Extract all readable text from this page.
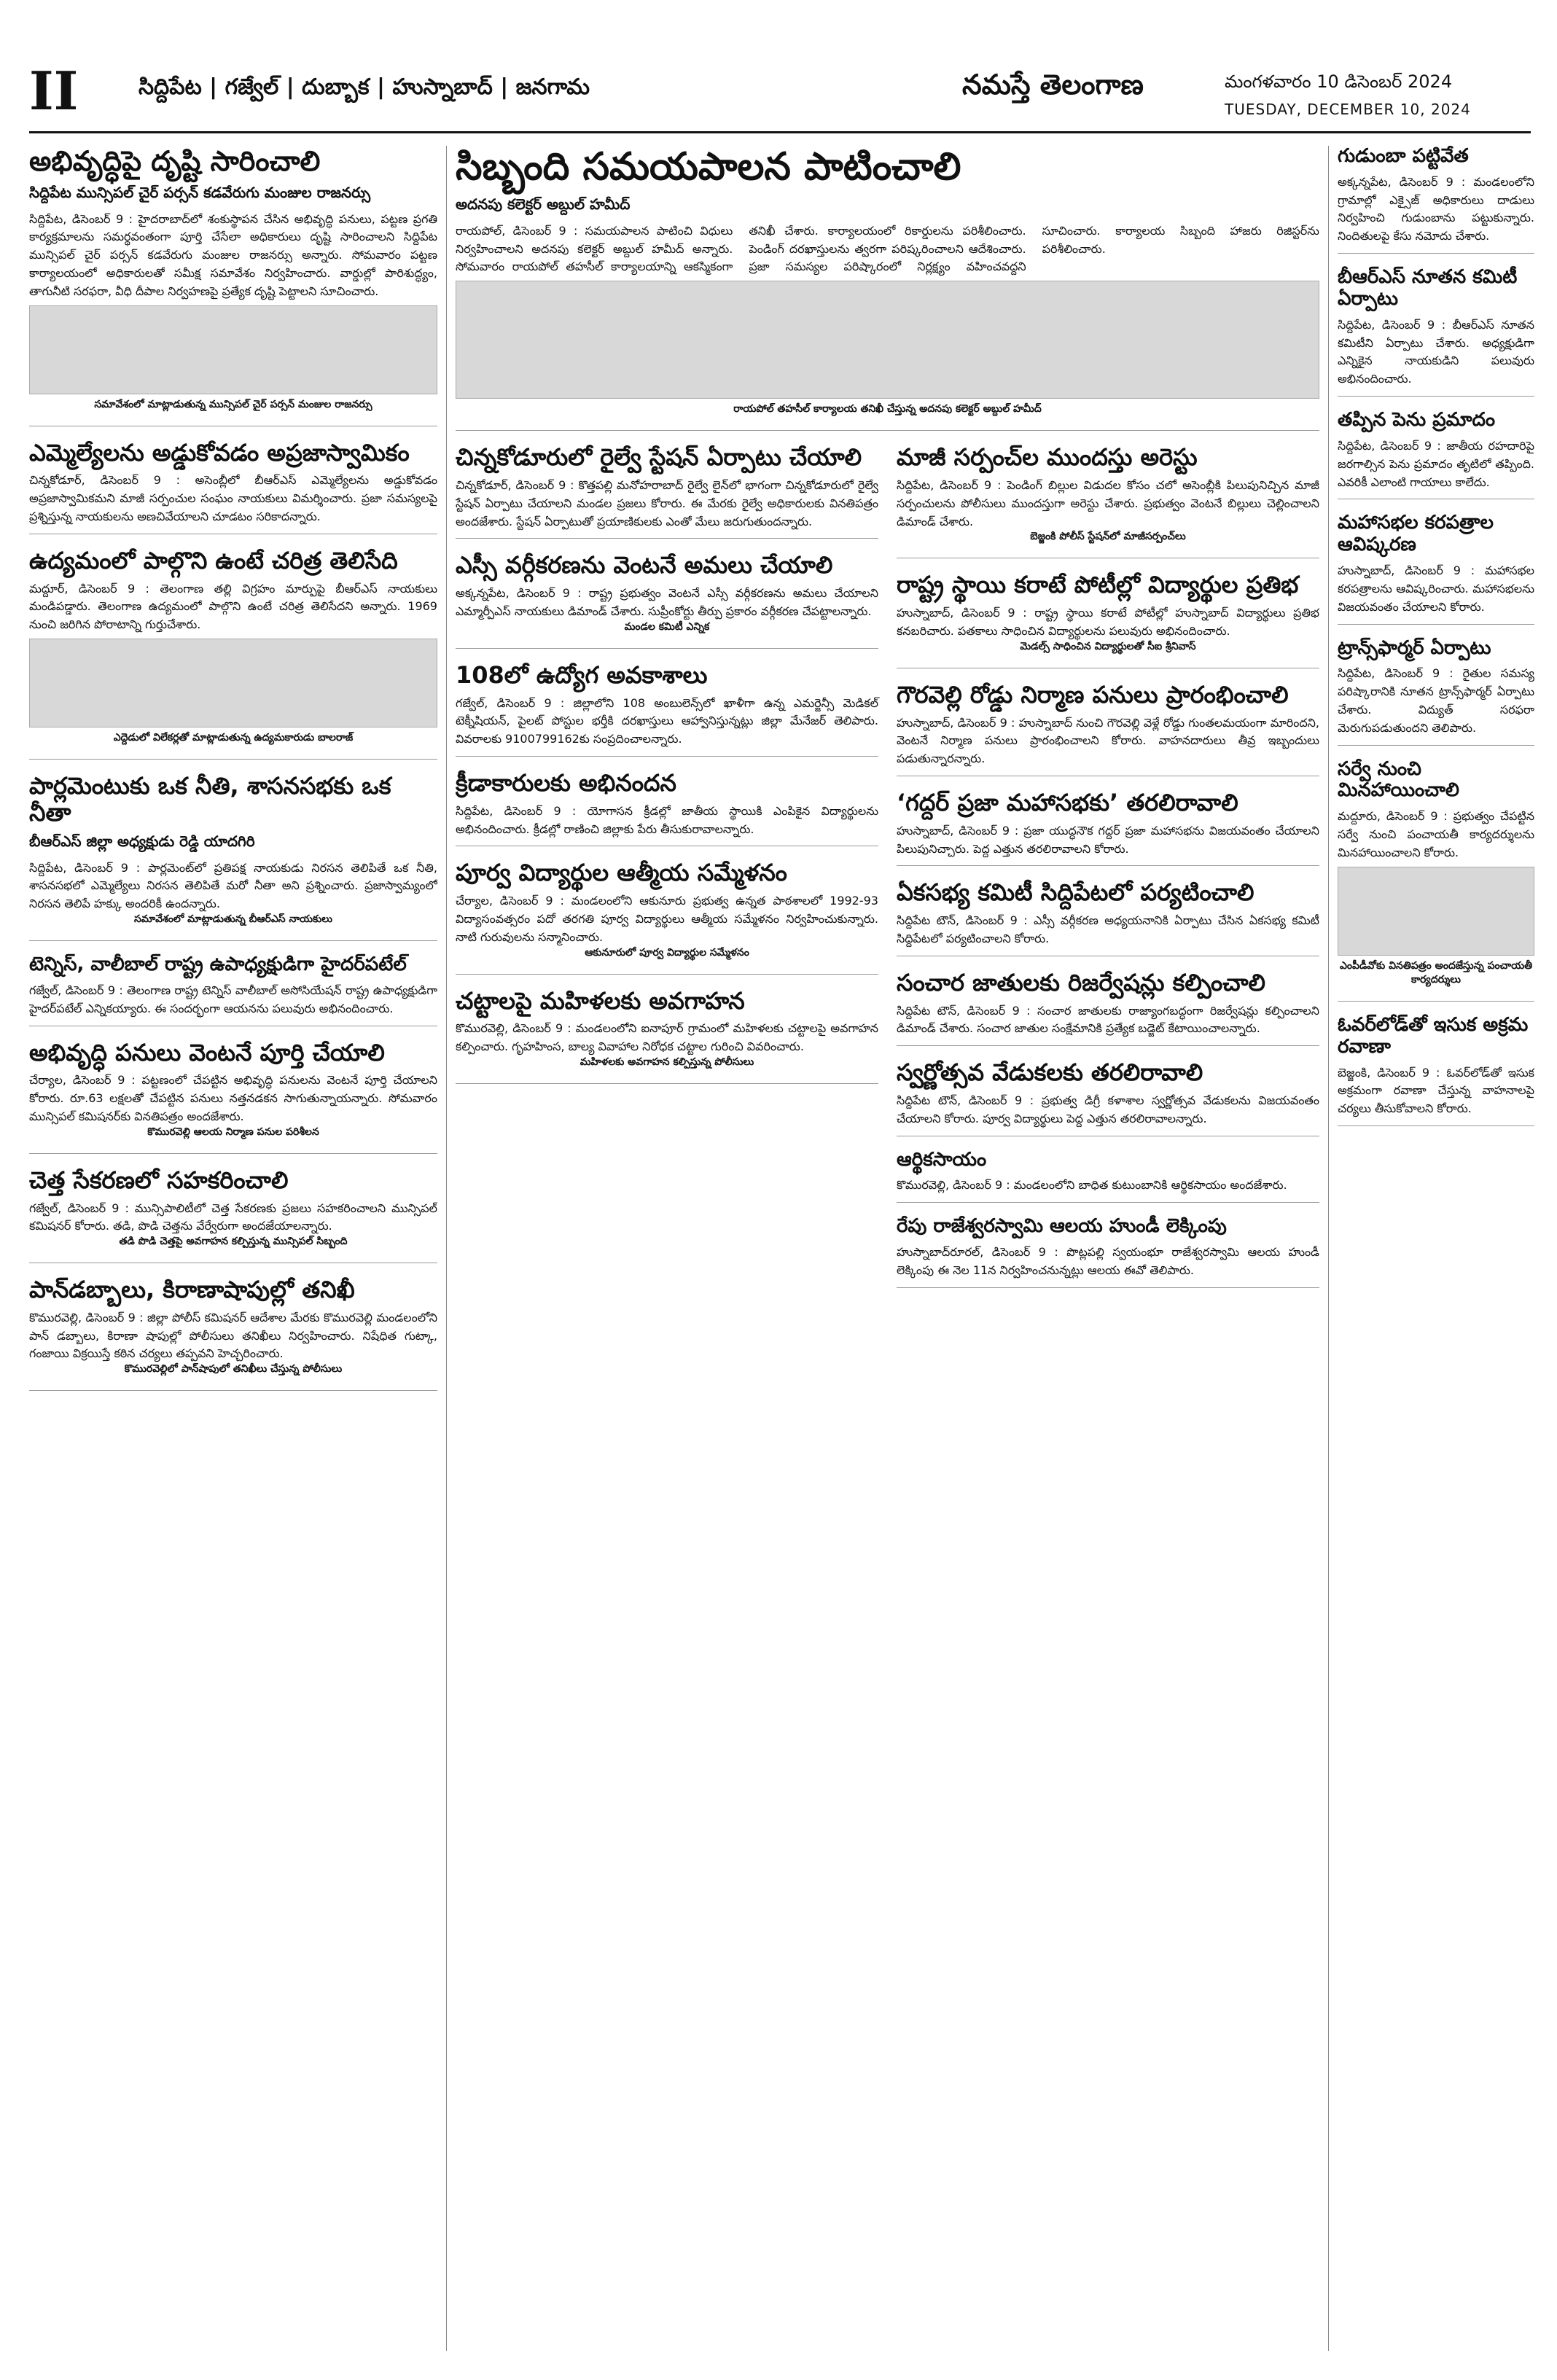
II	సిద్దిపేట | గజ్వేల్ | దుబ్బాక | హుస్నాబాద్ | జనగామ	నమస్తే తెలంగాణ	మంగళవారం 10 డిసెంబర్ 2024
TUESDAY, DECEMBER 10, 2024
అభివృద్ధిపై దృష్టి సారించాలి
సిద్దిపేట మున్సిపల్ చైర్ పర్సన్ కడవేరుగు మంజుల రాజనర్సు
సిద్దిపేట, డిసెంబర్ 9 : హైదరాబాద్‌లో శంకుస్థాపన చేసిన అభివృద్ధి పనులు, పట్టణ ప్రగతి కార్యక్రమాలను సమర్థవంతంగా పూర్తి చేసేలా అధికారులు దృష్టి సారించాలని సిద్దిపేట మున్సిపల్ చైర్ పర్సన్ కడవేరుగు మంజుల రాజనర్సు అన్నారు. సోమవారం పట్టణ కార్యాలయంలో అధికారులతో సమీక్ష సమావేశం నిర్వహించారు. వార్డుల్లో పారిశుద్ధ్యం, తాగునీటి సరఫరా, వీధి దీపాల నిర్వహణపై ప్రత్యేక దృష్టి పెట్టాలని సూచించారు.
సమావేశంలో మాట్లాడుతున్న మున్సిపల్ చైర్ పర్సన్ మంజుల రాజనర్సు
ఎమ్మెల్యేలను అడ్డుకోవడం అప్రజాస్వామికం
చిన్నకోడూర్, డిసెంబర్ 9 : అసెంబ్లీలో బీఆర్ఎస్ ఎమ్మెల్యేలను అడ్డుకోవడం అప్రజాస్వామికమని మాజీ సర్పంచుల సంఘం నాయకులు విమర్శించారు. ప్రజా సమస్యలపై ప్రశ్నిస్తున్న నాయకులను అణచివేయాలని చూడటం సరికాదన్నారు.
ఉద్యమంలో పాల్గొని ఉంటే చరిత్ర తెలిసేది
మద్దూర్, డిసెంబర్ 9 : తెలంగాణ తల్లి విగ్రహం మార్పుపై బీఆర్ఎస్ నాయకులు మండిపడ్డారు. తెలంగాణ ఉద్యమంలో పాల్గొని ఉంటే చరిత్ర తెలిసేదని అన్నారు. 1969 నుంచి జరిగిన పోరాటాన్ని గుర్తుచేశారు.
ఎద్దెడులో విలేకర్లతో మాట్లాడుతున్న ఉద్యమకారుడు బాలరాజ్
పార్లమెంటుకు ఒక నీతి, శాసనసభకు ఒక నీతా
బీఆర్ఎస్ జిల్లా అధ్యక్షుడు రెడ్డి యాదగిరి
సిద్దిపేట, డిసెంబర్ 9 : పార్లమెంట్‌లో ప్రతిపక్ష నాయకుడు నిరసన తెలిపితే ఒక నీతి, శాసనసభలో ఎమ్మెల్యేలు నిరసన తెలిపితే మరో నీతా అని ప్రశ్నించారు. ప్రజాస్వామ్యంలో నిరసన తెలిపే హక్కు అందరికీ ఉందన్నారు.
సమావేశంలో మాట్లాడుతున్న బీఆర్ఎస్ నాయకులు
టెన్నిస్, వాలీబాల్ రాష్ట్ర ఉపాధ్యక్షుడిగా హైదర్‌పటేల్
గజ్వేల్, డిసెంబర్ 9 : తెలంగాణ రాష్ట్ర టెన్నిస్ వాలీబాల్ అసోసియేషన్ రాష్ట్ర ఉపాధ్యక్షుడిగా హైదర్‌పటేల్ ఎన్నికయ్యారు. ఈ సందర్భంగా ఆయనను పలువురు అభినందించారు.
అభివృద్ధి పనులు వెంటనే పూర్తి చేయాలి
చేర్యాల, డిసెంబర్ 9 : పట్టణంలో చేపట్టిన అభివృద్ధి పనులను వెంటనే పూర్తి చేయాలని కోరారు. రూ.63 లక్షలతో చేపట్టిన పనులు నత్తనడకన సాగుతున్నాయన్నారు. సోమవారం మున్సిపల్ కమిషనర్‌కు వినతిపత్రం అందజేశారు.
కొమురవెల్లి ఆలయ నిర్మాణ పనుల పరిశీలన
చెత్త సేకరణలో సహకరించాలి
గజ్వేల్, డిసెంబర్ 9 : మున్సిపాలిటీలో చెత్త సేకరణకు ప్రజలు సహకరించాలని మున్సిపల్ కమిషనర్ కోరారు. తడి, పొడి చెత్తను వేర్వేరుగా అందజేయాలన్నారు.
తడి పొడి చెత్తపై అవగాహన కల్పిస్తున్న మున్సిపల్ సిబ్బంది
పాన్‌డబ్బాలు, కిరాణాషాపుల్లో తనిఖీ
కొమురవెల్లి, డిసెంబర్ 9 : జిల్లా పోలీస్ కమిషనర్ ఆదేశాల మేరకు కొమురవెల్లి మండలంలోని పాన్ డబ్బాలు, కిరాణా షాపుల్లో పోలీసులు తనిఖీలు నిర్వహించారు. నిషేధిత గుట్కా, గంజాయి విక్రయిస్తే కఠిన చర్యలు తప్పవని హెచ్చరించారు.
కొమురవెల్లిలో పాన్‌షాపులో తనిఖీలు చేస్తున్న పోలీసులు
సిబ్బంది సమయపాలన పాటించాలి
అదనపు కలెక్టర్ అబ్దుల్ హమీద్
రాయపోల్, డిసెంబర్ 9 : సమయపాలన పాటించి విధులు నిర్వహించాలని అదనపు కలెక్టర్ అబ్దుల్ హమీద్ అన్నారు. సోమవారం రాయపోల్ తహసీల్ కార్యాలయాన్ని ఆకస్మికంగా తనిఖీ చేశారు. కార్యాలయంలో రికార్డులను పరిశీలించారు. పెండింగ్ దరఖాస్తులను త్వరగా పరిష్కరించాలని ఆదేశించారు. ప్రజా సమస్యల పరిష్కారంలో నిర్లక్ష్యం వహించవద్దని సూచించారు. కార్యాలయ సిబ్బంది హాజరు రిజిస్టర్‌ను పరిశీలించారు.
రాయపోల్ తహసీల్ కార్యాలయ తనిఖీ చేస్తున్న అదనపు కలెక్టర్ అబ్దుల్ హమీద్
చిన్నకోడూరులో రైల్వే స్టేషన్ ఏర్పాటు చేయాలి
చిన్నకోడూర్, డిసెంబర్ 9 : కొత్తపల్లి మనోహరాబాద్ రైల్వే లైన్‌లో భాగంగా చిన్నకోడూరులో రైల్వే స్టేషన్ ఏర్పాటు చేయాలని మండల ప్రజలు కోరారు. ఈ మేరకు రైల్వే అధికారులకు వినతిపత్రం అందజేశారు. స్టేషన్ ఏర్పాటుతో ప్రయాణికులకు ఎంతో మేలు జరుగుతుందన్నారు.
ఎస్సీ వర్గీకరణను వెంటనే అమలు చేయాలి
అక్కన్నపేట, డిసెంబర్ 9 : రాష్ట్ర ప్రభుత్వం వెంటనే ఎస్సీ వర్గీకరణను అమలు చేయాలని ఎమ్మార్పీఎస్ నాయకులు డిమాండ్ చేశారు. సుప్రీంకోర్టు తీర్పు ప్రకారం వర్గీకరణ చేపట్టాలన్నారు.
మండల కమిటీ ఎన్నిక
108లో ఉద్యోగ అవకాశాలు
గజ్వేల్, డిసెంబర్ 9 : జిల్లాలోని 108 అంబులెన్స్‌లో ఖాళీగా ఉన్న ఎమర్జెన్సీ మెడికల్ టెక్నీషియన్, పైలట్ పోస్టుల భర్తీకి దరఖాస్తులు ఆహ్వానిస్తున్నట్లు జిల్లా మేనేజర్ తెలిపారు. వివరాలకు 9100799162కు సంప్రదించాలన్నారు.
క్రీడాకారులకు అభినందన
సిద్దిపేట, డిసెంబర్ 9 : యోగాసన క్రీడల్లో జాతీయ స్థాయికి ఎంపికైన విద్యార్థులను అభినందించారు. క్రీడల్లో రాణించి జిల్లాకు పేరు తీసుకురావాలన్నారు.
పూర్వ విద్యార్థుల ఆత్మీయ సమ్మేళనం
చేర్యాల, డిసెంబర్ 9 : మండలంలోని ఆకునూరు ప్రభుత్వ ఉన్నత పాఠశాలలో 1992-93 విద్యాసంవత్సరం పదో తరగతి పూర్వ విద్యార్థులు ఆత్మీయ సమ్మేళనం నిర్వహించుకున్నారు. నాటి గురువులను సన్మానించారు.
ఆకునూరులో పూర్వ విద్యార్థుల సమ్మేళనం
చట్టాలపై మహిళలకు అవగాహన
కొమురవెల్లి, డిసెంబర్ 9 : మండలంలోని ఐనాపూర్ గ్రామంలో మహిళలకు చట్టాలపై అవగాహన కల్పించారు. గృహహింస, బాల్య వివాహాల నిరోధక చట్టాల గురించి వివరించారు.
మహిళలకు అవగాహన కల్పిస్తున్న పోలీసులు
మాజీ సర్పంచ్‌ల ముందస్తు అరెస్టు
సిద్దిపేట, డిసెంబర్ 9 : పెండింగ్ బిల్లుల విడుదల కోసం చలో అసెంబ్లీకి పిలుపునిచ్చిన మాజీ సర్పంచులను పోలీసులు ముందస్తుగా అరెస్టు చేశారు. ప్రభుత్వం వెంటనే బిల్లులు చెల్లించాలని డిమాండ్ చేశారు.
బెజ్జంకి పోలీస్ స్టేషన్‌లో మాజీసర్పంచ్‌లు
రాష్ట్ర స్థాయి కరాటే పోటీల్లో విద్యార్థుల ప్రతిభ
హుస్నాబాద్, డిసెంబర్ 9 : రాష్ట్ర స్థాయి కరాటే పోటీల్లో హుస్నాబాద్ విద్యార్థులు ప్రతిభ కనబరిచారు. పతకాలు సాధించిన విద్యార్థులను పలువురు అభినందించారు.
మెడల్స్ సాధించిన విద్యార్థులతో సీఐ శ్రీనివాస్
గౌరవెల్లి రోడ్డు నిర్మాణ పనులు ప్రారంభించాలి
హుస్నాబాద్, డిసెంబర్ 9 : హుస్నాబాద్ నుంచి గౌరవెల్లి వెళ్లే రోడ్డు గుంతలమయంగా మారిందని, వెంటనే నిర్మాణ పనులు ప్రారంభించాలని కోరారు. వాహనదారులు తీవ్ర ఇబ్బందులు పడుతున్నారన్నారు.
‘గద్దర్ ప్రజా మహాసభకు’ తరలిరావాలి
హుస్నాబాద్, డిసెంబర్ 9 : ప్రజా యుద్ధనౌక గద్దర్ ప్రజా మహాసభను విజయవంతం చేయాలని పిలుపునిచ్చారు. పెద్ద ఎత్తున తరలిరావాలని కోరారు.
ఏకసభ్య కమిటీ సిద్దిపేటలో పర్యటించాలి
సిద్దిపేట టౌన్, డిసెంబర్ 9 : ఎస్సీ వర్గీకరణ అధ్యయనానికి ఏర్పాటు చేసిన ఏకసభ్య కమిటీ సిద్దిపేటలో పర్యటించాలని కోరారు.
సంచార జాతులకు రిజర్వేషన్లు కల్పించాలి
సిద్దిపేట టౌన్, డిసెంబర్ 9 : సంచార జాతులకు రాజ్యాంగబద్ధంగా రిజర్వేషన్లు కల్పించాలని డిమాండ్ చేశారు. సంచార జాతుల సంక్షేమానికి ప్రత్యేక బడ్జెట్ కేటాయించాలన్నారు.
స్వర్ణోత్సవ వేడుకలకు తరలిరావాలి
సిద్దిపేట టౌన్, డిసెంబర్ 9 : ప్రభుత్వ డిగ్రీ కళాశాల స్వర్ణోత్సవ వేడుకలను విజయవంతం చేయాలని కోరారు. పూర్వ విద్యార్థులు పెద్ద ఎత్తున తరలిరావాలన్నారు.
ఆర్థికసాయం
కొమురవెల్లి, డిసెంబర్ 9 : మండలంలోని బాధిత కుటుంబానికి ఆర్థికసాయం అందజేశారు.
రేపు రాజేశ్వరస్వామి ఆలయ హుండీ లెక్కింపు
హుస్నాబాద్‌రూరల్, డిసెంబర్ 9 : పొట్లపల్లి స్వయంభూ రాజేశ్వరస్వామి ఆలయ హుండీ లెక్కింపు ఈ నెల 11న నిర్వహించనున్నట్లు ఆలయ ఈవో తెలిపారు.
గుడుంబా పట్టివేత
అక్కన్నపేట, డిసెంబర్ 9 : మండలంలోని గ్రామాల్లో ఎక్సైజ్ అధికారులు దాడులు నిర్వహించి గుడుంబాను పట్టుకున్నారు. నిందితులపై కేసు నమోదు చేశారు.
బీఆర్ఎస్ నూతన కమిటీ ఏర్పాటు
సిద్దిపేట, డిసెంబర్ 9 : బీఆర్ఎస్ నూతన కమిటీని ఏర్పాటు చేశారు. అధ్యక్షుడిగా ఎన్నికైన నాయకుడిని పలువురు అభినందించారు.
తప్పిన పెను ప్రమాదం
సిద్దిపేట, డిసెంబర్ 9 : జాతీయ రహదారిపై జరగాల్సిన పెను ప్రమాదం తృటిలో తప్పింది. ఎవరికీ ఎలాంటి గాయాలు కాలేదు.
మహాసభల కరపత్రాల ఆవిష్కరణ
హుస్నాబాద్, డిసెంబర్ 9 : మహాసభల కరపత్రాలను ఆవిష్కరించారు. మహాసభలను విజయవంతం చేయాలని కోరారు.
ట్రాన్స్‌ఫార్మర్ ఏర్పాటు
సిద్దిపేట, డిసెంబర్ 9 : రైతుల సమస్య పరిష్కారానికి నూతన ట్రాన్స్‌ఫార్మర్ ఏర్పాటు చేశారు. విద్యుత్ సరఫరా మెరుగుపడుతుందని తెలిపారు.
సర్వే నుంచి మినహాయించాలి
మద్దూరు, డిసెంబర్ 9 : ప్రభుత్వం చేపట్టిన సర్వే నుంచి పంచాయతీ కార్యదర్శులను మినహాయించాలని కోరారు.
ఎంపీడీవోకు వినతిపత్రం అందజేస్తున్న పంచాయతీ కార్యదర్శులు
ఓవర్‌లోడ్‌తో ఇసుక అక్రమ రవాణా
బెజ్జంకి, డిసెంబర్ 9 : ఓవర్‌లోడ్‌తో ఇసుక అక్రమంగా రవాణా చేస్తున్న వాహనాలపై చర్యలు తీసుకోవాలని కోరారు.
